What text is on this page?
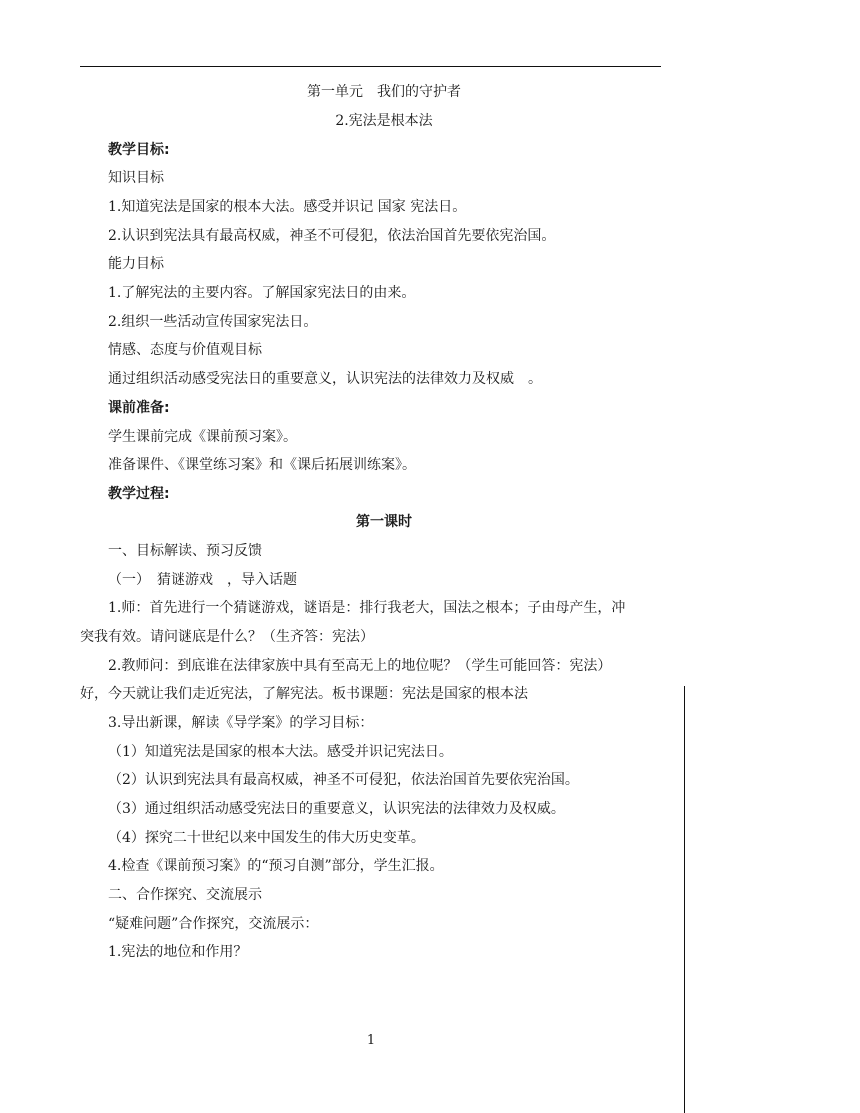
第一单元　我们的守护者
2.宪法是根本法
教学目标:
知识目标
1.知道宪法是国家的根本大法。感受并识记 国家 宪法日。
2.认识到宪法具有最高权威，神圣不可侵犯，依法治国首先要依宪治国。
能力目标
1.了解宪法的主要内容。了解国家宪法日的由来。
2.组织一些活动宣传国家宪法日。
情感、态度与价值观目标
通过组织活动感受宪法日的重要意义，认识宪法的法律效力及权威　。
课前准备:
学生课前完成《课前预习案》。
准备课件、《课堂练习案》和《课后拓展训练案》。
教学过程:
第一课时
一、目标解读、预习反馈
（一）　猜谜游戏　，导入话题
1.师：首先进行一个猜谜游戏，谜语是：排行我老大，国法之根本；子由母产生，冲
突我有效。请问谜底是什么？（生齐答：宪法）
2.教师问：到底谁在法律家族中具有至高无上的地位呢？（学生可能回答：宪法）
好，今天就让我们走近宪法，了解宪法。板书课题：宪法是国家的根本法
3.导出新课，解读《导学案》的学习目标：
（1）知道宪法是国家的根本大法。感受并识记宪法日。
（2）认识到宪法具有最高权威，神圣不可侵犯，依法治国首先要依宪治国。
（3）通过组织活动感受宪法日的重要意义，认识宪法的法律效力及权威。
（4）探究二十世纪以来中国发生的伟大历史变革。
4.检查《课前预习案》的“预习自测”部分，学生汇报。
二、合作探究、交流展示
“疑难问题”合作探究，交流展示：
1.宪法的地位和作用？
1
